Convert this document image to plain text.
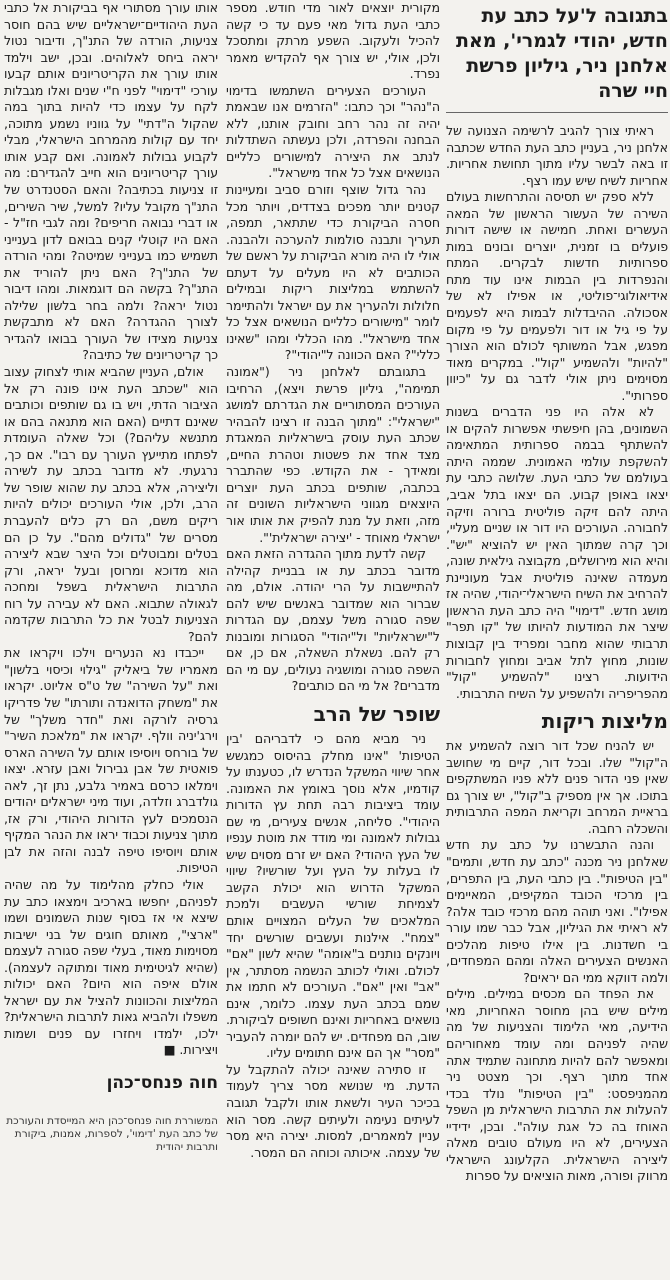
בתגובה ל'על כתב עת חדש, יהודי לגמרי', מאת אלחנן ניר, גיליון פרשת חיי שרה

ראיתי צורך להגיב לרשימה הצנועה של אלחנן ניר, בעניין כתב העת החדש שכתבה זו באה לבשר עליו מתוך תחושת אחריות. אחריות לשיח שיש עמו רצף.

ללא ספק יש תסיסה והתרחשות בעולם השירה של העשור הראשון של המאה העשרים ואחת. חמישה או שישה דורות פועלים בו זמנית, יוצרים ובונים במות ספרותיות חדשות לבקרים. המתח והנפרדות בין הבמות אינו עוד מתח אידיאולוגי־פוליטי, או אפילו לא של אסכולה. ההיבדלות לבמות היא לפעמים על פי גיל או דור ולפעמים על פי מקום מפגש, אבל המשותף לכולם הוא הצורך "להיות" ולהשמיע "קול". במקרים מאוד מסוימים ניתן אולי לדבר גם על "כיוון ספרותי".

לא אלה היו פני הדברים בשנות השמונים, בהן חיפשתי אפשרות להקים או להשתתף בבמה ספרותית המתאימה להשקפת עולמי האמונית. שממה היתה בעולמם של כתבי העת. שלושה כתבי עת יצאו באופן קבוע. הם יצאו בתל אביב, היתה להם זיקה פוליטית ברורה וזיקה לחבורה. העורכים היו דור או שניים מעליי, וכך קרה שמתוך האין יש להוציא "יש". והיא הוא מירושלים, מקבוצה גילאית שונה, מעמדה שאינה פוליטית אבל מעוניינת להרחיב את השיח הישראלי־יהודי, שהיה אז מושג חדש. "דימוי" היה כתב העת הראשון שיצר את המודעות להיותו של "קו תפר" תרבותי שהוא מחבר ומפריד בין קבוצות שונות, מחוץ לתל אביב ומחוץ לחבורות הידועות. רצינו "להשמיע "קול" מהפריפריה ולהשפיע על השיח התרבותי.

מליצות ריקות

יש להניח שכל דור רוצה להשמיע את ה"קול" שלו. ובכל דור, קיים מי שחושב שאין פני הדור פנים ללא פניו המשתקפים בתוכו. אך אין מספיק ב"קול", יש צורך גם בראיית המרחב וקריאת המפה התרבותית והשכלה רחבה.

והנה התבשרנו על כתב עת חדש שאלחנן ניר מכנה "כתב עת חדש, ותמים" "בין הטיפות". בין כתבי העת, בין התפרים, בין מרכזי הכובד המקיפים, המאיימים אפילו". ואני תוהה מהם מרכזי כובד אלה? לא ראיתי את הגיליון, אבל כבר שמו עורר בי חשדנות. בין אילו טיפות מהלכים האנשים הצעירים האלה ומהם המפחדים, ולמה דווקא ממי הם יראים?

את הפחד הם מכסים במילים. מילים מילים שיש בהן מחוסר האחריות, מאי הידיעה, מאי הלימוד והצניעות של מה שהיה לפניהם ומה עומד מאחוריהם ומאפשר להם להיות מתחונה שתמיד אתה אחד מתוך רצף. וכך מצטט ניר מהמניפסט: "בין הטיפות" נולד בכדי להעלות את התרבות הישראלית מן השפל האוחז בה כל אגת עולה". ובכן, ידידיי הצעירים, לא היו מעולם טובים מאלה ליצירה הישראלית. הקלעונג הישראלי מרווק ופורה, מאות הוציאים על ספרות

מקורית יוצאים לאור מדי חודש. מספר כתבי העת גדול מאי פעם עד כי קשה להכיל ולעקוב. השפע מרתק ומתסכל ולכן, אולי, יש צורך אף להקדיש מאמר נפרד.

העורכים הצעירים השתמשו בדימוי ה"נהר" וכך כתבו: "הזרמים אנו שבאמת יהיה זה נהר רחב וחובק אותנו, ללא הבחנה והפרדה, ולכן נעשתה השתדלות לנתב את היצירה למישורים כלליים הנושאים אצל כל אחד מישראל".

נהר גדול שוצף וזורם סביב ומעיינות קטנים יותר מפכים בצדדים, ויותר מכל חסרה הביקורת כדי שתתאר, תמפה, תעריך ותבנה סולמות להערכה ולהבנה. אולי לו היה מורא הביקורת על ראשם של הכותבים לא היו מעלים על דעתם להשתמש במליצות ריקות ובמילים חלולות ולהעריך את עם ישראל ולהתיימר לומר "מישורים כלליים הנושאים אצל כל אחד מישראל". מהו הכללי ומהו "שאינו כללי"? האם הכוונה ל"יהודי"?

בתגובתם לאלחנן ניר ("אמונה תמימה", גיליון פרשת ויצא), הרחיבו העורכים המסתוריים את הגדרתם למושג "ישראלי": "מתוך הבנה זו רצינו להבהיר שכתב העת עוסק בישראליות המאגדת מצד אחד את פשטות וטהרת החיים, ומאידך - את הקודש. כפי שהתברר בכתבה, שותפים בכתב העת יוצרים היוצאים מגווני הישראליות השונים זה מזה, וזאת על מנת להפיק את אותו אור ישראלי מאוחד - 'יצירה ישראלית'".

קשה לדעת מתוך ההגדרה הזאת האם מדובר בכתב עת או בבניית קהילה להתיישבות על הרי יהודה. אולם, מה שברור הוא שמדובר באנשים שיש להם שפה סגורה משל עצמם, עם הגדרות ל"ישראליות" ול"יהודי" הסגורות ומובנות רק להם. נשאלת השאלה, אם כן, אם השפה סגורה ומושגיה נעולים, עם מי הם מדברים? אל מי הם כותבים?

שופר של הרב

ניר מביא מהם כי לדבריהם 'בין הטיפות' "אינו מחלק בהיסוס כמגשש אחר שיווי המשקל הנדרש לו, כטענתו על קודמיו, אלא נוסך באומץ את האמונה. עומד ביציבות רבה תחת עץ הדורות היהודי". סליחה, אנשים צעירים, מי שם גבולות לאמונה ומי מודד את מוטת ענפיו של העץ היהודי? האם יש זרם מסוים שיש לו בעלות על העץ ועל שורשיו? שיווי המשקל הדרוש הוא יכולת הקשב לצמיחת שורשי העשבים ולמכת המלאכים של העלים המצויים אותם "צמח". אילנות ועשבים שורשים יחד ויונקים נותנים ב"אומה" שהיא לשון "אם" לכולם. ואולי לכותב הנשמה מסתתר, אין "אב" ואין "אם". העורכים לא חתמו את שמם בכתב העת עצמו. כלומר, אינם נושאים באחריות ואינם חשופים לביקורת. שוב, הם מפחדים. יש להם יומרה להעביר "מסר" אך הם אינם חתומים עליו.

זו סתירה שאינה יכולה להתקבל על הדעת. מי שנושא מסר צריך לעמוד בכיכר העיר ולשאת אותו ולקבל תגובה לעיתים נעימה ולעיתים קשה. מסר הוא עניין למאמרים, למסות. יצירה היא מסר של עצמה. איכותה וכוחה הם המסר.

אותו עורך מסתורי אף בביקורת אל כתבי העת היהודיים־ישראליים שיש בהם חוסר צניעות, הורדה של התנ"ך, ודיבור נטול יראה ביחס לאלוהים. ובכן, ישב וילמד אותו עורך את הקריטריונים אותם קבעו עורכי "דימוי" לפני ח"י שנים ואלו מגבלות לקח על עצמו כדי להיות בתוך במה שהקול ה"דתי" על גווניו נשמע מתוכה, יחד עם קולות מהמרחב הישראלי, מבלי לקבוע גבולות לאמונה. ואם קבע אותו עורך קריטריונים הוא חייב להגדירם: מה זו צניעות בכתיבה? והאם הסטנדרט של התנ"ך מקובל עליו? למשל, שיר השירים, או דברי נבואה חריפים? ומה לגבי חז"ל - האם היו קוטלי קנים בבואם לדון בענייני תשמיש כמו בענייני שמיטה? ומהי הורדה של התנ"ך? האם ניתן להוריד את התנ"ך? בקשה הם דוגמאות. ומהו דיבור נטול יראה? ולמה בחר בלשון שלילה לצורך ההגדרה? האם לא מתבקשת צניעות מצידו של העורך בבואו להגדיר כך קריטריונים של כתיבה?

אולם, העניין שהביא אותי לצחוק עצוב הוא "שכתב העת אינו פונה רק אל הציבור הדתי, ויש בו גם שותפים וכותבים שאינם דתיים (האם הוא מתנאה בהם או מתנשא עליהם?) וכל שאלה העומדת לפתחו מתייעץ העורך עם רבו". אם כך, נרגעתי. לא מדובר בכתב עת לשירה וליצירה, אלא בכתב עת שהוא שופר של הרב, ולכן, אולי העורכים יכולים להיות ריקים משם, הם רק כלים להעברת מסרים של "גדולים מהם". על כן הם בטלים ומבוטלים וכל היצר שבא ליצירה הוא מדוכא ומרוסן ובעל יראה, ורק התרבות הישראלית בשפל ומחכה לגאולה שתבוא. האם לא עבירה על רוח הצניעות לבטל את כל התרבות שקדמה להם?

ייכבדו נא הנערים וילכו ויקראו את מאמריו של ביאליק "גילוי וכיסוי בלשון" ואת "על השירה" של ט"ס אליוט. יקראו את "משחק הדואנדה ותורתו" של פדריקו גרסיה לורקה ואת "חדר משלך" של וירג'יניה וולף. יקראו את "מלאכת השיר" של בורחס ויוסיפו אותם על השירה הארס פואטית של אבן גבירול ואבן עזרא. יצאו וימלאו כרסם באמיר גלבע, נתן זך, לאה גולדברג וזלדה, ועוד מיני ישראלים יהודים הנסמכים לעץ הדורות היהודי, ורק אז, מתוך צניעות וכבוד יראו את הנהר המקיף אותם ויוסיפו טיפה לבנה והזה את לבן הטיפות.

אולי כחלק מהלימוד על מה שהיה לפניהם, יחפשו בארכיב וימצאו כתב עת שיצא אי אז בסוף שנות השמונים ושמו "ארצי", מאותם חוגים של בני ישיבות מסוימות מאוד, בעלי שפה סגורה לעצמם (שהיא לגיטימית מאוד ומתוקה לעצמה). אולם איפה הוא היום? האם יכולות המליצות והכוונות להציל את עם ישראל משפלו ולהביא גאות לתרבות הישראלית? ילכו, ילמדו ויחזרו עם פנים ושמות ויצירות. ■

חוה פנחס־כהן
המשוררת חוה פנחס־כהן היא המייסדת והעורכת של כתב העת 'דימוי', לספרות, אמנות, ביקורת ותרבות יהודית
